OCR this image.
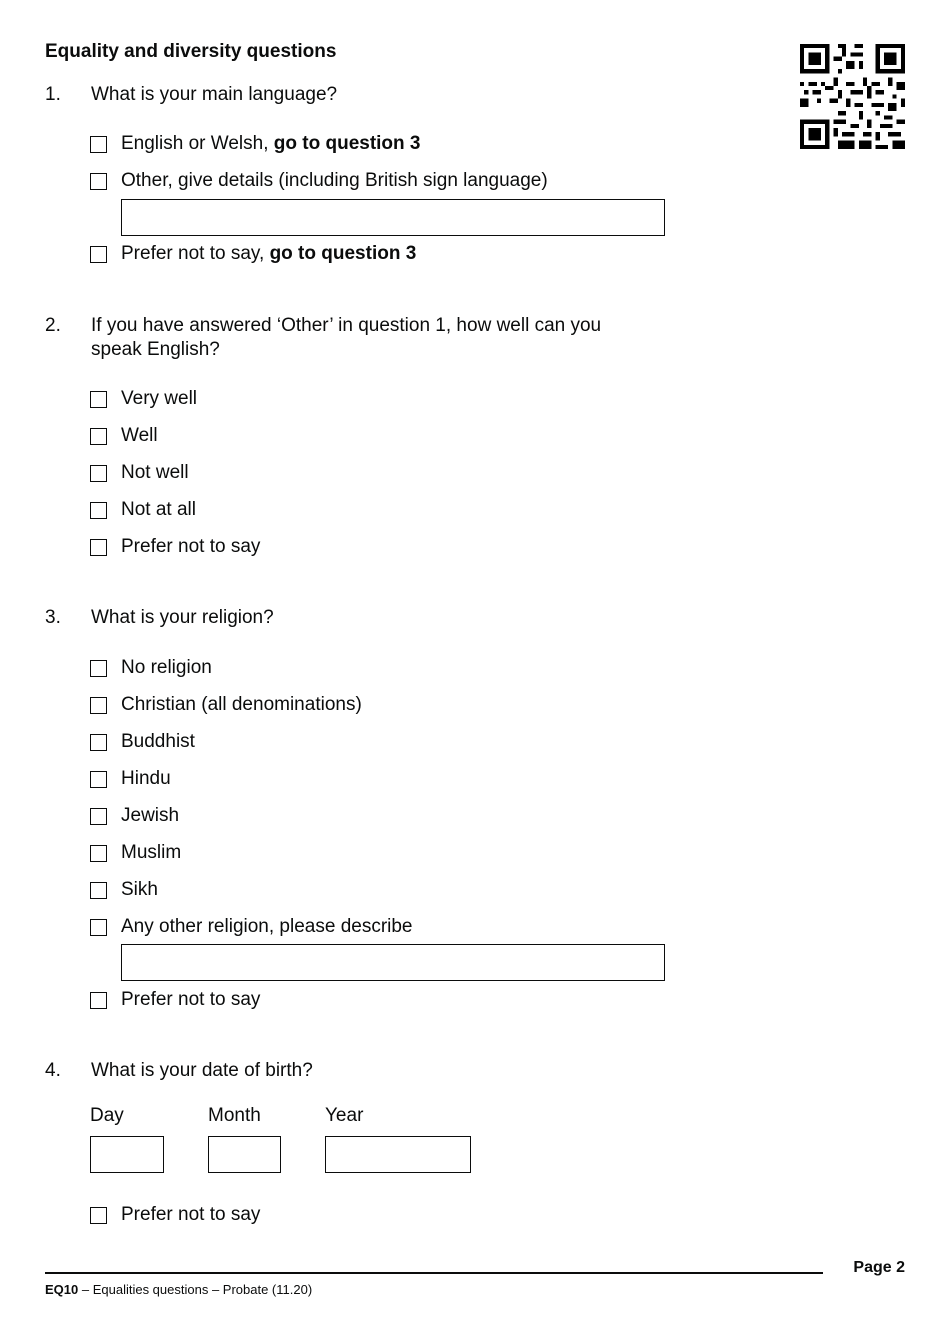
Equality and diversity questions
1. What is your main language?

English or Welsh, go to question 3
Other, give details (including British sign language)
Prefer not to say, go to question 3
2. If you have answered ‘Other’ in question 1, how well can you speak English?

Very well
Well
Not well
Not at all
Prefer not to say
3. What is your religion?

No religion
Christian (all denominations)
Buddhist
Hindu
Jewish
Muslim
Sikh
Any other religion, please describe
Prefer not to say
4. What is your date of birth?

Day	Month	Year
Prefer not to say
Page 2
EQ10 – Equalities questions – Probate (11.20)
